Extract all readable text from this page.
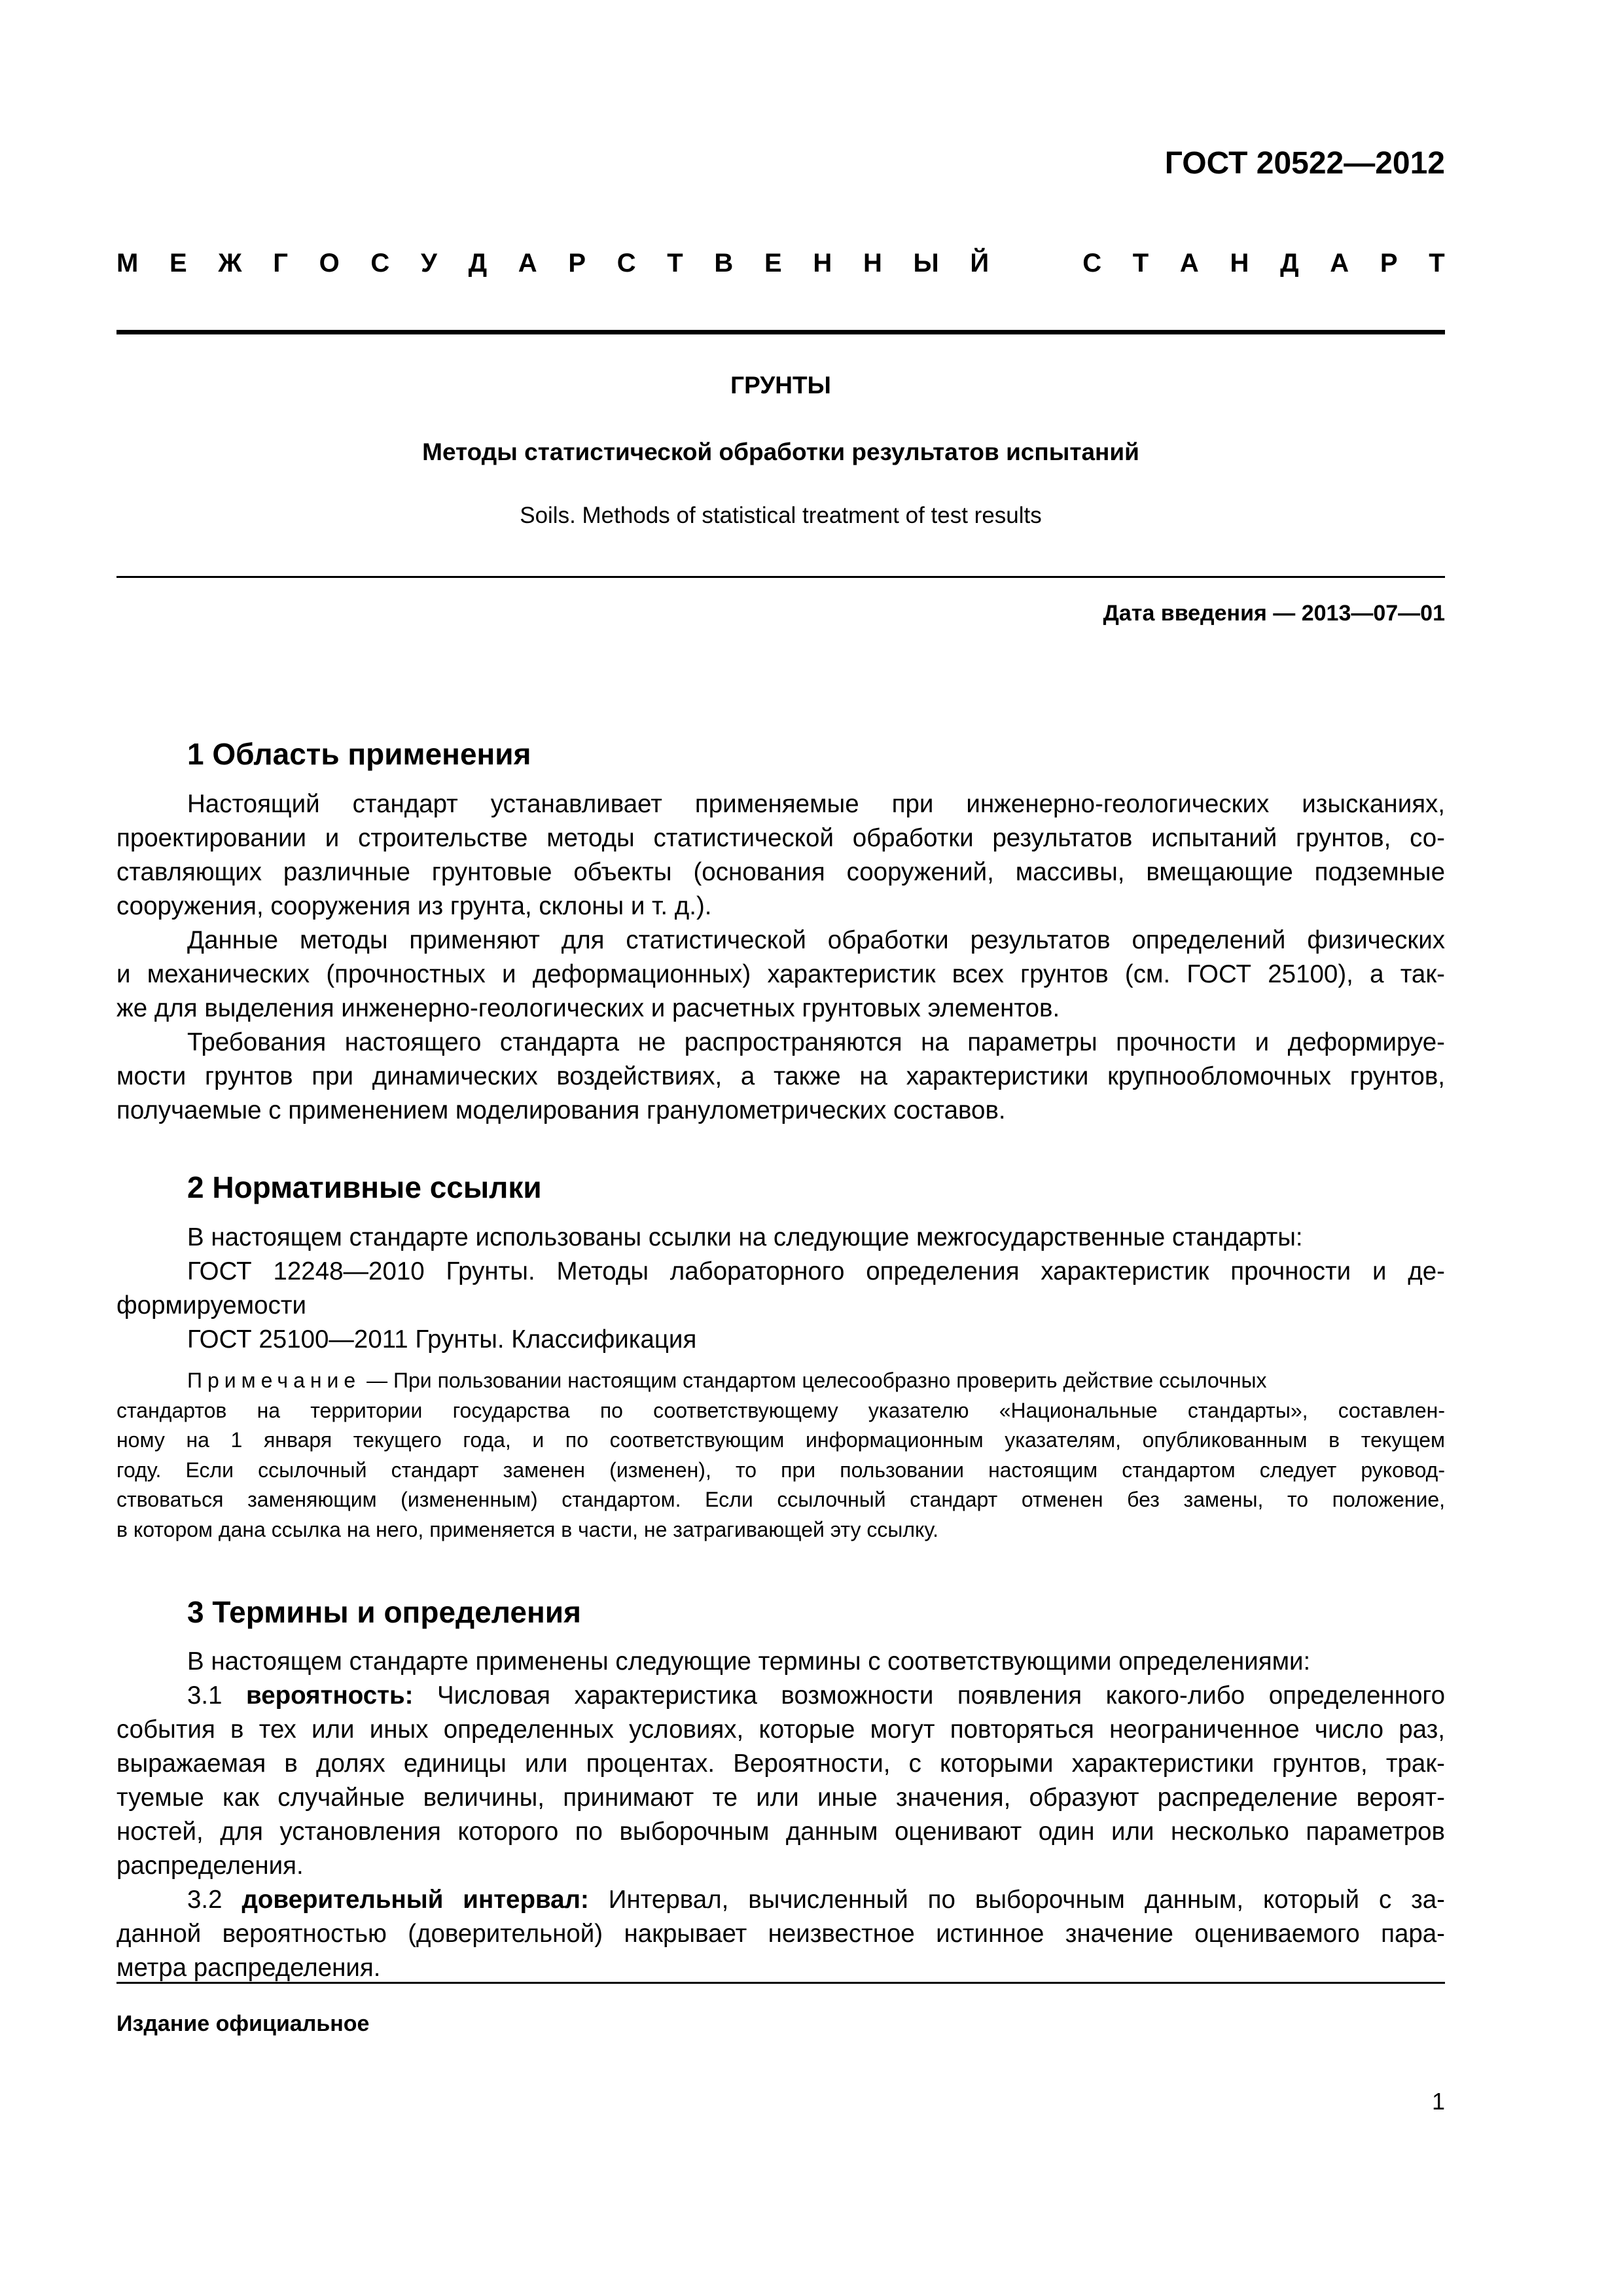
ГОСТ 20522—2012
М Е Ж Г О С У Д А Р С Т В Е Н Н Ы Й	С Т А Н Д А Р Т
ГРУНТЫ
Методы статистической обработки результатов испытаний
Soils. Methods of statistical treatment of test results
Дата введения — 2013—07—01
1 Область применения
Настоящий стандарт устанавливает применяемые при инженерно-геологических изысканиях,
проектировании и строительстве методы статистической обработки результатов испытаний грунтов, со-
ставляющих различные грунтовые объекты (основания сооружений, массивы, вмещающие подземные
сооружения, сооружения из грунта, склоны и т. д.).
Данные методы применяют для статистической обработки результатов определений физических
и механических (прочностных и деформационных) характеристик всех грунтов (см. ГОСТ 25100), а так-
же для выделения инженерно-геологических и расчетных грунтовых элементов.
Требования настоящего стандарта не распространяются на параметры прочности и деформируе-
мости грунтов при динамических воздействиях, а также на характеристики крупнообломочных грунтов,
получаемые с применением моделирования гранулометрических составов.
2 Нормативные ссылки
В настоящем стандарте использованы ссылки на следующие межгосударственные стандарты:
ГОСТ 12248—2010 Грунты. Методы лабораторного определения характеристик прочности и де-
формируемости
ГОСТ 25100—2011 Грунты. Классификация
Примечание — При пользовании настоящим стандартом целесообразно проверить действие ссылочных
стандартов на территории государства по соответствующему указателю «Национальные стандарты», составлен-
ному на 1 января текущего года, и по соответствующим информационным указателям, опубликованным в текущем
году. Если ссылочный стандарт заменен (изменен), то при пользовании настоящим стандартом следует руковод-
ствоваться заменяющим (измененным) стандартом. Если ссылочный стандарт отменен без замены, то положение,
в котором дана ссылка на него, применяется в части, не затрагивающей эту ссылку.
3 Термины и определения
В настоящем стандарте применены следующие термины с соответствующими определениями:
3.1 вероятность: Числовая характеристика возможности появления какого-либо определенного
события в тех или иных определенных условиях, которые могут повторяться неограниченное число раз,
выражаемая в долях единицы или процентах. Вероятности, с которыми характеристики грунтов, трак-
туемые как случайные величины, принимают те или иные значения, образуют распределение вероят-
ностей, для установления которого по выборочным данным оценивают один или несколько параметров
распределения.
3.2 доверительный интервал: Интервал, вычисленный по выборочным данным, который с за-
данной вероятностью (доверительной) накрывает неизвестное истинное значение оцениваемого пара-
метра распределения.
Издание официальное
1
